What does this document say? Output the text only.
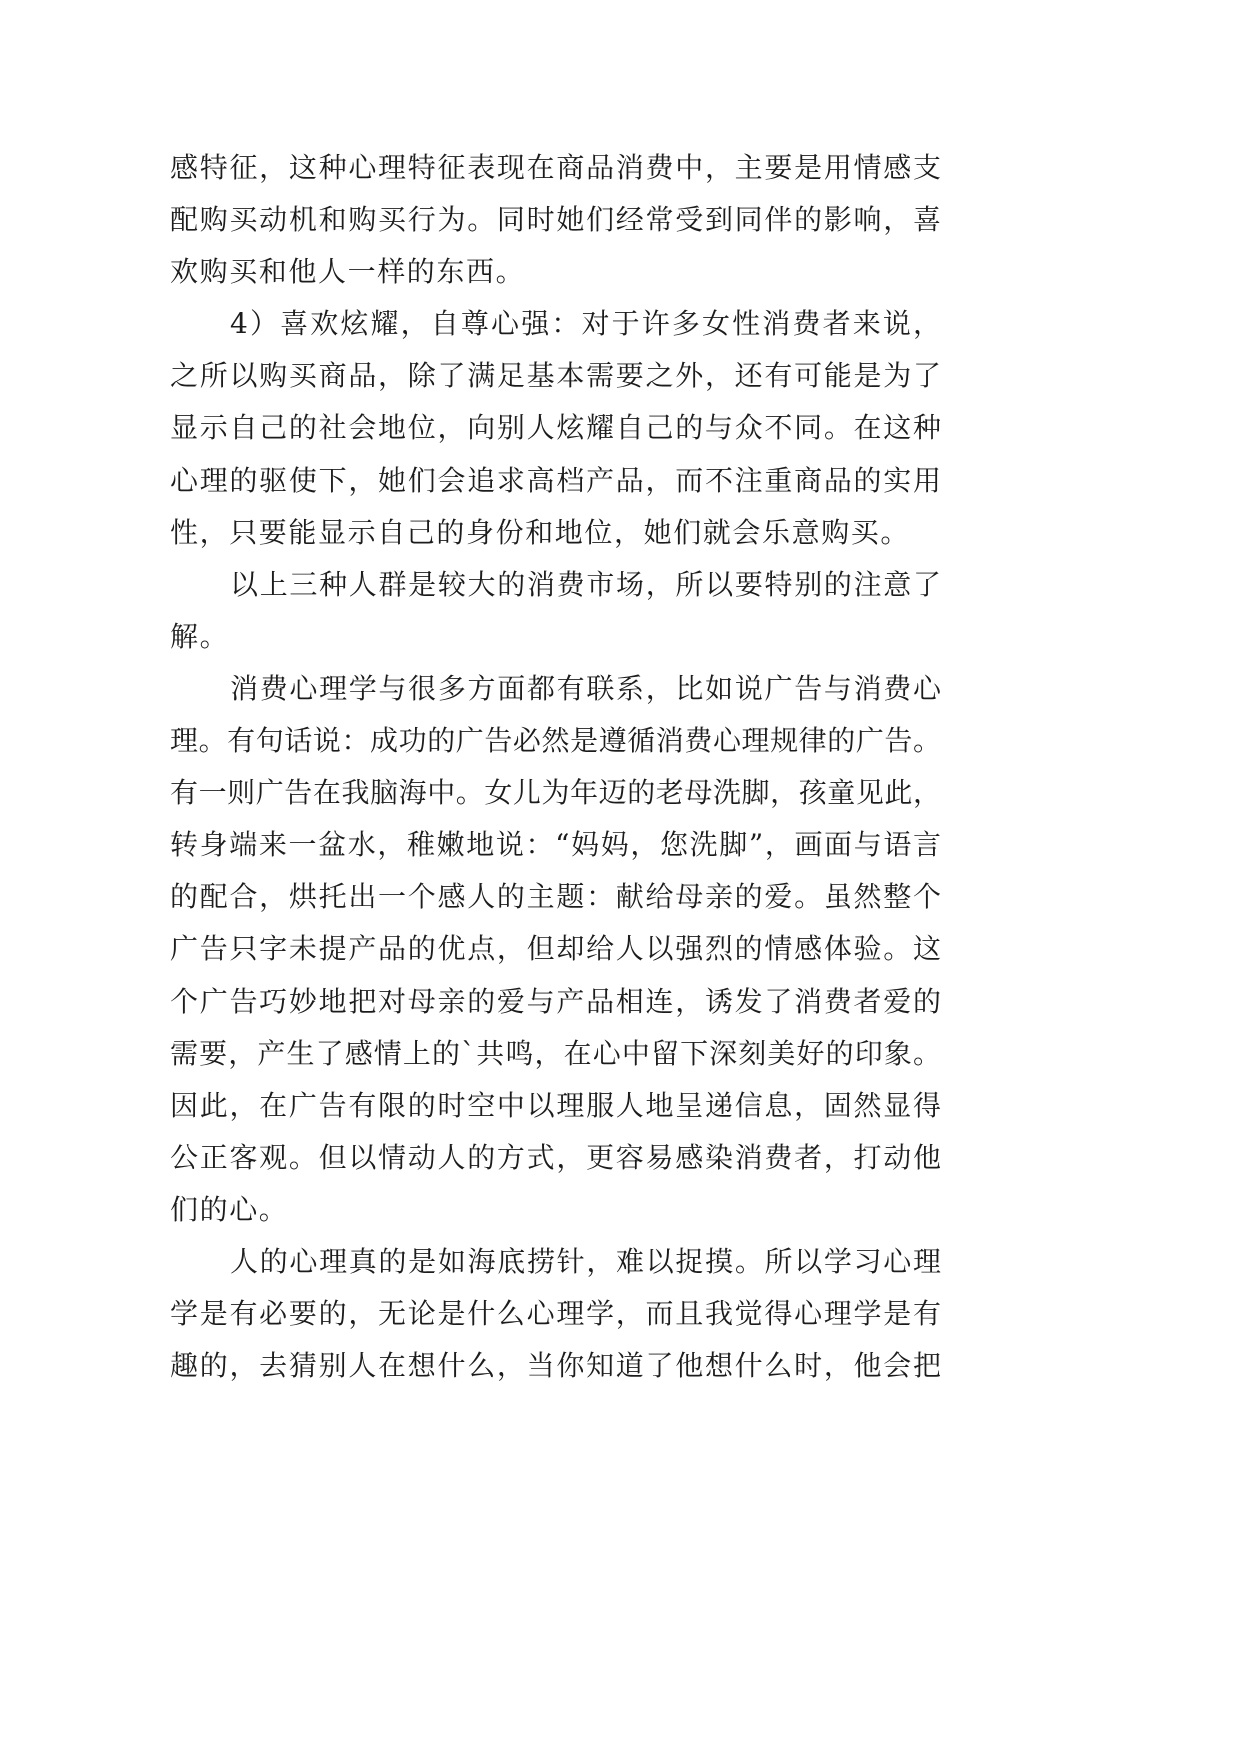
感特征，这种心理特征表现在商品消费中，主要是用情感支
配购买动机和购买行为。同时她们经常受到同伴的影响，喜
欢购买和他人一样的东西。
4）喜欢炫耀，自尊心强：对于许多女性消费者来说，
之所以购买商品，除了满足基本需要之外，还有可能是为了
显示自己的社会地位，向别人炫耀自己的与众不同。在这种
心理的驱使下，她们会追求高档产品，而不注重商品的实用
性，只要能显示自己的身份和地位，她们就会乐意购买。
以上三种人群是较大的消费市场，所以要特别的注意了
解。
消费心理学与很多方面都有联系，比如说广告与消费心
理。有句话说：成功的广告必然是遵循消费心理规律的广告。
有一则广告在我脑海中。女儿为年迈的老母洗脚，孩童见此，
转身端来一盆水，稚嫩地说：“妈妈，您洗脚”，画面与语言
的配合，烘托出一个感人的主题：献给母亲的爱。虽然整个
广告只字未提产品的优点，但却给人以强烈的情感体验。这
个广告巧妙地把对母亲的爱与产品相连，诱发了消费者爱的
需要，产生了感情上的`共鸣，在心中留下深刻美好的印象。
因此，在广告有限的时空中以理服人地呈递信息，固然显得
公正客观。但以情动人的方式，更容易感染消费者，打动他
们的心。
人的心理真的是如海底捞针，难以捉摸。所以学习心理
学是有必要的，无论是什么心理学，而且我觉得心理学是有
趣的，去猜别人在想什么，当你知道了他想什么时，他会把
